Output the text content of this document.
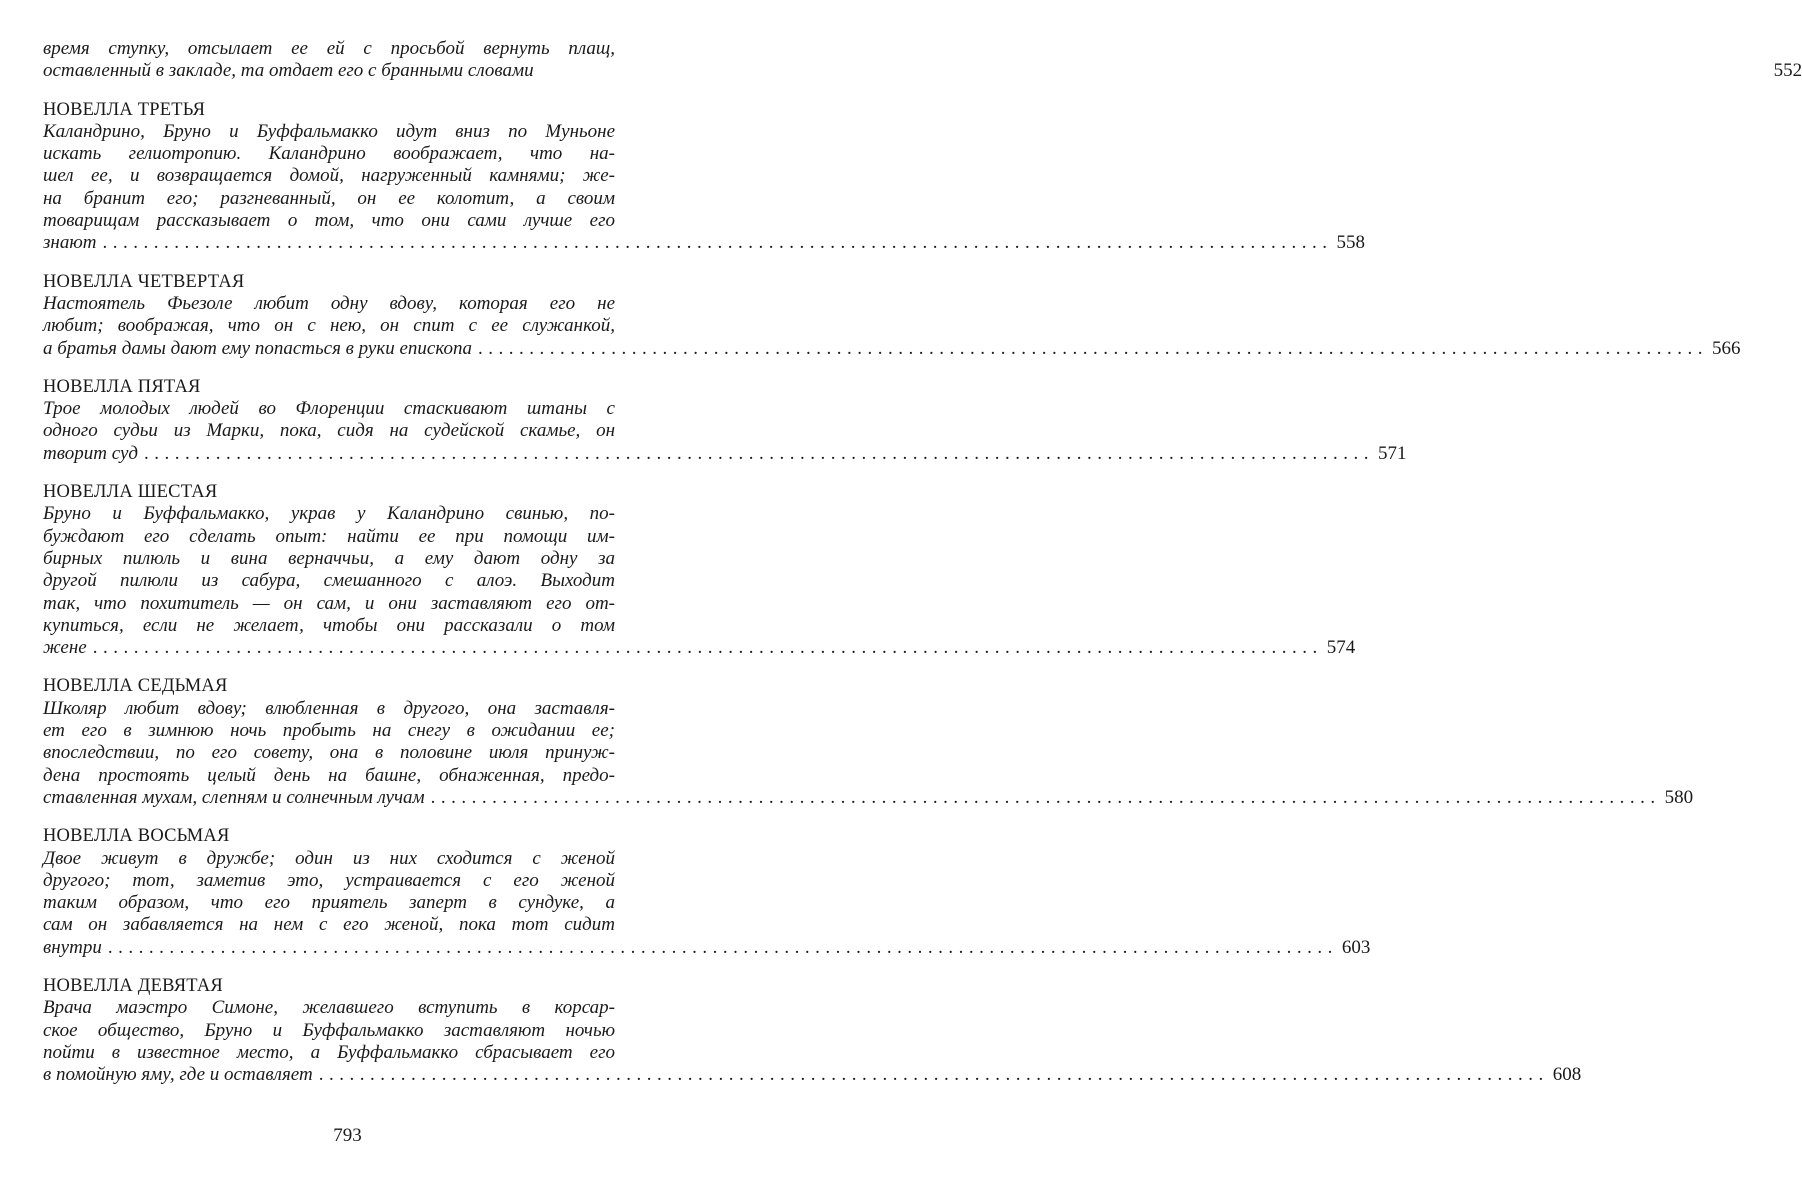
время ступку, отсылает ее ей с просьбой вернуть плащ,
оставленный в закладе, та отдает его с бранными словами	552
НОВЕЛЛА ТРЕТЬЯ
Каландрино, Бруно и Буффальмакко идут вниз по Муньоне
искать гелиотропию. Каландрино воображает, что на-
шел ее, и возвращается домой, нагруженный камнями; же-
на бранит его; разгневанный, он ее колотит, а своим
товарищам рассказывает о том, что они сами лучше его
знают ........................................................................................................................ 558
НОВЕЛЛА ЧЕТВЕРТАЯ
Настоятель Фьезоле любит одну вдову, которая его не
любит; воображая, что он с нею, он спит с ее служанкой,
а братья дамы дают ему попасться в руки епископа ........................................................................................................................ 566
НОВЕЛЛА ПЯТАЯ
Трое молодых людей во Флоренции стаскивают штаны с
одного судьи из Марки, пока, сидя на судейской скамье, он
творит суд ........................................................................................................................ 571
НОВЕЛЛА ШЕСТАЯ
Бруно и Буффальмакко, украв у Каландрино свинью, по-
буждают его сделать опыт: найти ее при помощи им-
бирных пилюль и вина верначчьи, а ему дают одну за
другой пилюли из сабура, смешанного с алоэ. Выходит
так, что похититель — он сам, и они заставляют его от-
купиться, если не желает, чтобы они рассказали о том
жене ........................................................................................................................ 574
НОВЕЛЛА СЕДЬМАЯ
Школяр любит вдову; влюбленная в другого, она заставля-
ет его в зимнюю ночь пробыть на снегу в ожидании ее;
впоследствии, по его совету, она в половине июля принуж-
дена простоять целый день на башне, обнаженная, предо-
ставленная мухам, слепням и солнечным лучам ........................................................................................................................ 580
НОВЕЛЛА ВОСЬМАЯ
Двое живут в дружбе; один из них сходится с женой
другого; тот, заметив это, устраивается с его женой
таким образом, что его приятель заперт в сундуке, а
сам он забавляется на нем с его женой, пока тот сидит
внутри ........................................................................................................................ 603
НОВЕЛЛА ДЕВЯТАЯ
Врача маэстро Симоне, желавшего вступить в корсар-
ское общество, Бруно и Буффальмакко заставляют ночью
пойти в известное место, а Буффальмакко сбрасывает его
в помойную яму, где и оставляет ........................................................................................................................ 608
793
